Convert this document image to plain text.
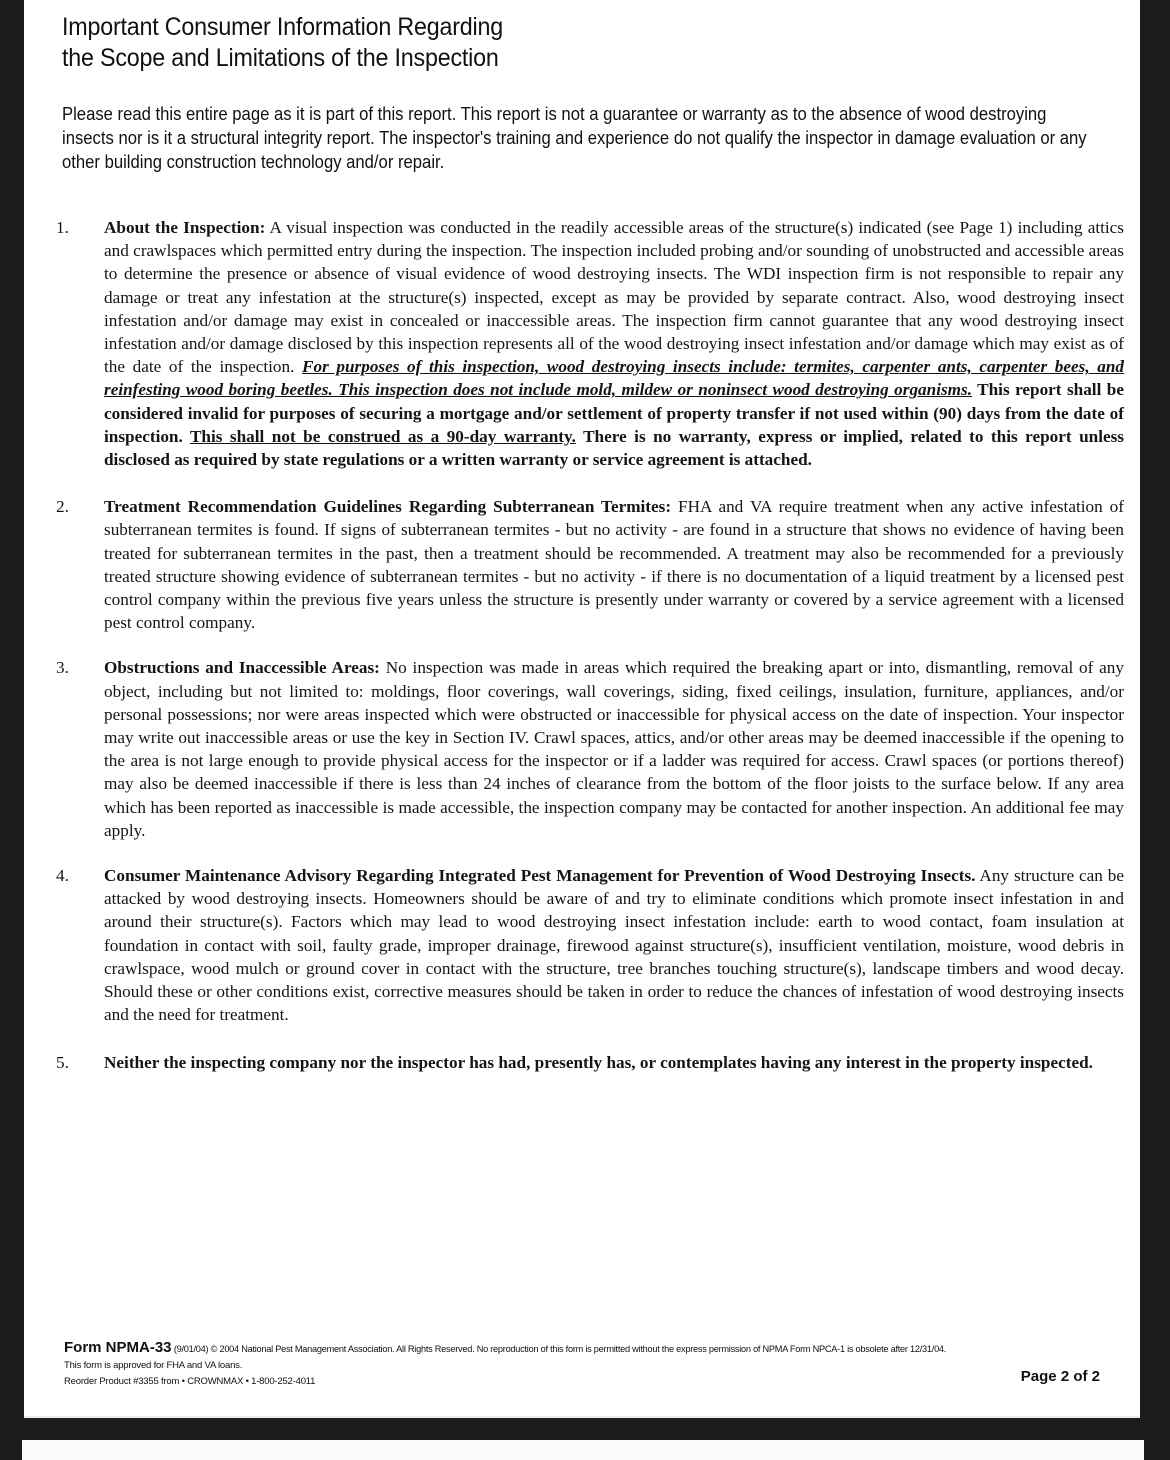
Important Consumer Information Regarding
the Scope and Limitations of the Inspection
Please read this entire page as it is part of this report. This report is not a guarantee or warranty as to the absence of wood destroying insects nor is it a structural integrity report. The inspector's training and experience do not qualify the inspector in damage evaluation or any other building construction technology and/or repair.
1.	About the Inspection: A visual inspection was conducted in the readily accessible areas of the structure(s) indicated (see Page 1) including attics and crawlspaces which permitted entry during the inspection. The inspection included probing and/or sounding of unobstructed and accessible areas to determine the presence or absence of visual evidence of wood destroying insects. The WDI inspection firm is not responsible to repair any damage or treat any infestation at the structure(s) inspected, except as may be provided by separate contract. Also, wood destroying insect infestation and/or damage may exist in concealed or inaccessible areas. The inspection firm cannot guarantee that any wood destroying insect infestation and/or damage disclosed by this inspection represents all of the wood destroying insect infestation and/or damage which may exist as of the date of the inspection. For purposes of this inspection, wood destroying insects include: termites, carpenter ants, carpenter bees, and reinfesting wood boring beetles. This inspection does not include mold, mildew or noninsect wood destroying organisms. This report shall be considered invalid for purposes of securing a mortgage and/or settlement of property transfer if not used within (90) days from the date of inspection. This shall not be construed as a 90-day warranty. There is no warranty, express or implied, related to this report unless disclosed as required by state regulations or a written warranty or service agreement is attached.
2.	Treatment Recommendation Guidelines Regarding Subterranean Termites: FHA and VA require treatment when any active infestation of subterranean termites is found. If signs of subterranean termites - but no activity - are found in a structure that shows no evidence of having been treated for subterranean termites in the past, then a treatment should be recommended. A treatment may also be recommended for a previously treated structure showing evidence of subterranean termites - but no activity - if there is no documentation of a liquid treatment by a licensed pest control company within the previous five years unless the structure is presently under warranty or covered by a service agreement with a licensed pest control company.
3.	Obstructions and Inaccessible Areas: No inspection was made in areas which required the breaking apart or into, dismantling, removal of any object, including but not limited to: moldings, floor coverings, wall coverings, siding, fixed ceilings, insulation, furniture, appliances, and/or personal possessions; nor were areas inspected which were obstructed or inaccessible for physical access on the date of inspection. Your inspector may write out inaccessible areas or use the key in Section IV. Crawl spaces, attics, and/or other areas may be deemed inaccessible if the opening to the area is not large enough to provide physical access for the inspector or if a ladder was required for access. Crawl spaces (or portions thereof) may also be deemed inaccessible if there is less than 24 inches of clearance from the bottom of the floor joists to the surface below. If any area which has been reported as inaccessible is made accessible, the inspection company may be contacted for another inspection. An additional fee may apply.
4.	Consumer Maintenance Advisory Regarding Integrated Pest Management for Prevention of Wood Destroying Insects. Any structure can be attacked by wood destroying insects. Homeowners should be aware of and try to eliminate conditions which promote insect infestation in and around their structure(s). Factors which may lead to wood destroying insect infestation include: earth to wood contact, foam insulation at foundation in contact with soil, faulty grade, improper drainage, firewood against structure(s), insufficient ventilation, moisture, wood debris in crawlspace, wood mulch or ground cover in contact with the structure, tree branches touching structure(s), landscape timbers and wood decay. Should these or other conditions exist, corrective measures should be taken in order to reduce the chances of infestation of wood destroying insects and the need for treatment.
5.	Neither the inspecting company nor the inspector has had, presently has, or contemplates having any interest in the property inspected.
Form NPMA-33 (9/01/04) © 2004 National Pest Management Association. All Rights Reserved. No reproduction of this form is permitted without the express permission of NPMA Form NPCA-1 is obsolete after 12/31/04.
This form is approved for FHA and VA loans.
Reorder Product #3355 from • CROWNMAX • 1-800-252-4011	Page 2 of 2
